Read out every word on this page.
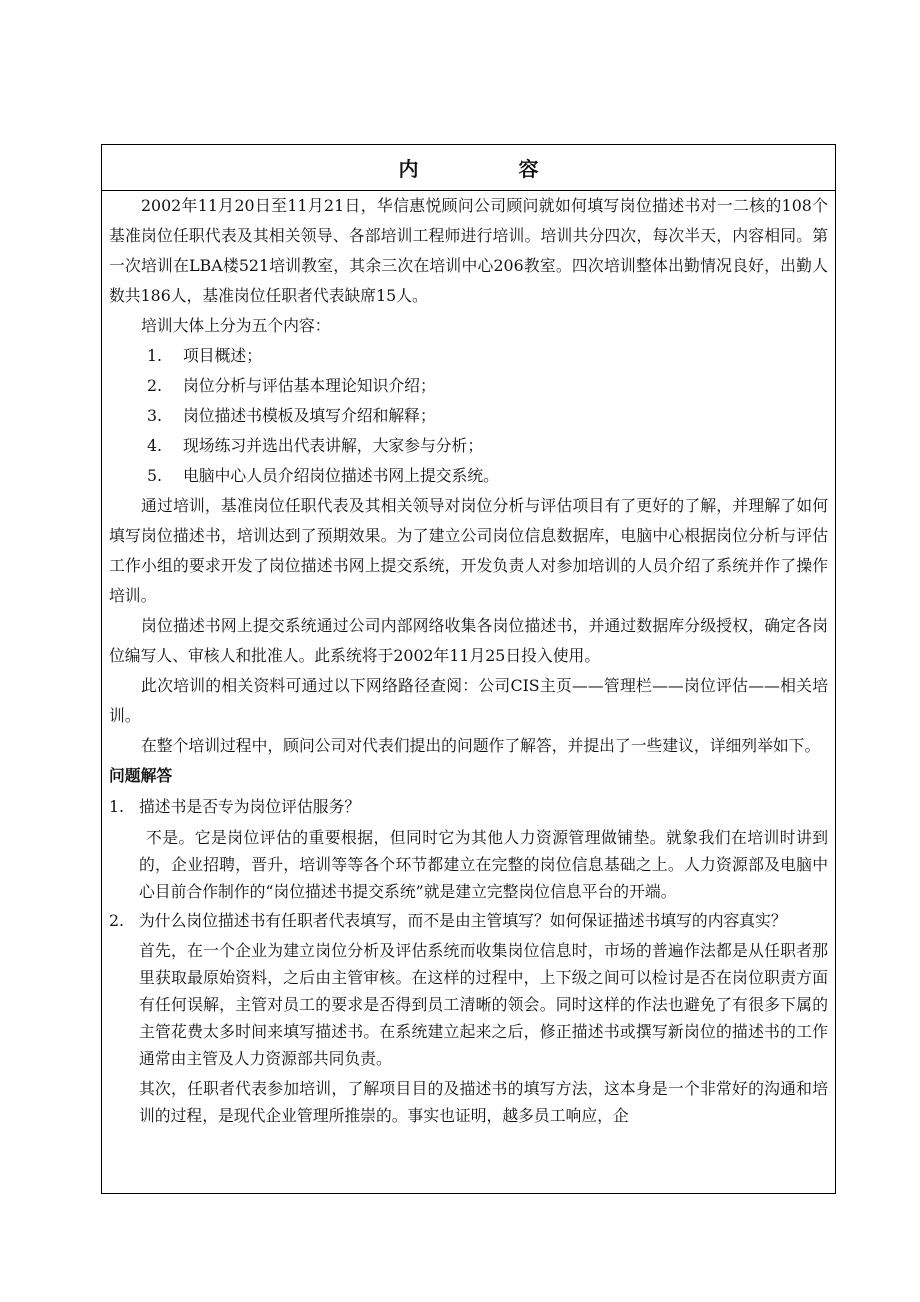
内　容

2002年11月20日至11月21日，华信惠悦顾问公司顾问就如何填写岗位描述书对一二核的108个基准岗位任职代表及其相关领导、各部培训工程师进行培训。培训共分四次，每次半天，内容相同。第一次培训在LBA楼521培训教室，其余三次在培训中心206教室。四次培训整体出勤情况良好，出勤人数共186人，基准岗位任职者代表缺席15人。

培训大体上分为五个内容：

1.	项目概述；
2.	岗位分析与评估基本理论知识介绍；
3.	岗位描述书模板及填写介绍和解释；
4.	现场练习并选出代表讲解，大家参与分析；
5.	电脑中心人员介绍岗位描述书网上提交系统。

通过培训，基准岗位任职代表及其相关领导对岗位分析与评估项目有了更好的了解，并理解了如何填写岗位描述书，培训达到了预期效果。为了建立公司岗位信息数据库，电脑中心根据岗位分析与评估工作小组的要求开发了岗位描述书网上提交系统，开发负责人对参加培训的人员介绍了系统并作了操作培训。

岗位描述书网上提交系统通过公司内部网络收集各岗位描述书，并通过数据库分级授权，确定各岗位编写人、审核人和批准人。此系统将于2002年11月25日投入使用。

此次培训的相关资料可通过以下网络路径查阅：公司CIS主页——管理栏——岗位评估——相关培训。

在整个培训过程中，顾问公司对代表们提出的问题作了解答，并提出了一些建议，详细列举如下。

问题解答

1. 描述书是否专为岗位评估服务？

不是。它是岗位评估的重要根据，但同时它为其他人力资源管理做铺垫。就象我们在培训时讲到的，企业招聘，晋升，培训等等各个环节都建立在完整的岗位信息基础之上。人力资源部及电脑中心目前合作制作的“岗位描述书提交系统”就是建立完整岗位信息平台的开端。

2. 为什么岗位描述书有任职者代表填写，而不是由主管填写？如何保证描述书填写的内容真实？

首先，在一个企业为建立岗位分析及评估系统而收集岗位信息时，市场的普遍作法都是从任职者那里获取最原始资料，之后由主管审核。在这样的过程中，上下级之间可以检讨是否在岗位职责方面有任何误解，主管对员工的要求是否得到员工清晰的领会。同时这样的作法也避免了有很多下属的主管花费太多时间来填写描述书。在系统建立起来之后，修正描述书或撰写新岗位的描述书的工作通常由主管及人力资源部共同负责。

其次，任职者代表参加培训，了解项目目的及描述书的填写方法，这本身是一个非常好的沟通和培训的过程，是现代企业管理所推崇的。事实也证明，越多员工响应，企
